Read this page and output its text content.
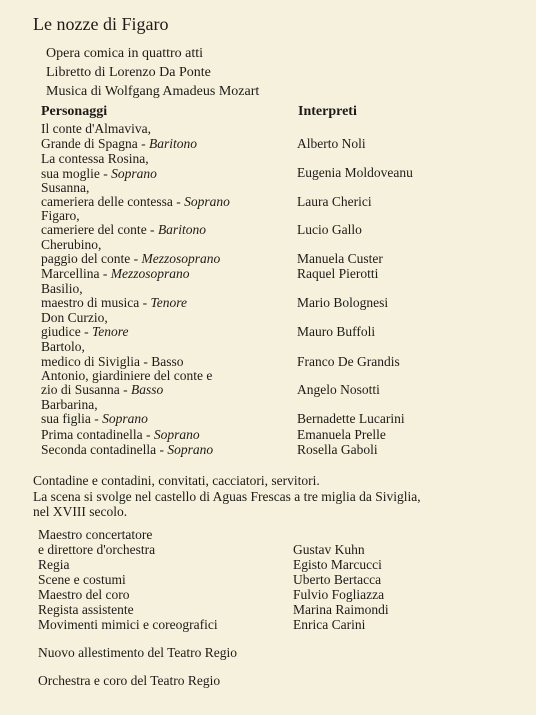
Le nozze di Figaro
Opera comica in quattro atti
Libretto di Lorenzo Da Ponte
Musica di Wolfgang Amadeus Mozart
Personaggi	Interpreti
Il conte d'Almaviva,
Grande di Spagna - Baritono	Alberto Noli
La contessa Rosina,
sua moglie - Soprano	Eugenia Moldoveanu
Susanna,
cameriera delle contessa - Soprano	Laura Cherici
Figaro,
cameriere del conte - Baritono	Lucio Gallo
Cherubino,
paggio del conte - Mezzosoprano	Manuela Custer
Marcellina - Mezzosoprano	Raquel Pierotti
Basilio,
maestro di musica - Tenore	Mario Bolognesi
Don Curzio,
giudice - Tenore	Mauro Buffoli
Bartolo,
medico di Siviglia - Basso	Franco De Grandis
Antonio, giardiniere del conte e
zio di Susanna - Basso	Angelo Nosotti
Barbarina,
sua figlia - Soprano	Bernadette Lucarini
Prima contadinella - Soprano	Emanuela Prelle
Seconda contadinella - Soprano	Rosella Gaboli
Contadine e contadini, convitati, cacciatori, servitori.
La scena si svolge nel castello di Aguas Frescas a tre miglia da Siviglia,
nel XVIII secolo.
Maestro concertatore
e direttore d'orchestra	Gustav Kuhn
Regia	Egisto Marcucci
Scene e costumi	Uberto Bertacca
Maestro del coro	Fulvio Fogliazza
Regista assistente	Marina Raimondi
Movimenti mimici e coreografici	Enrica Carini
Nuovo allestimento del Teatro Regio
Orchestra e coro del Teatro Regio
